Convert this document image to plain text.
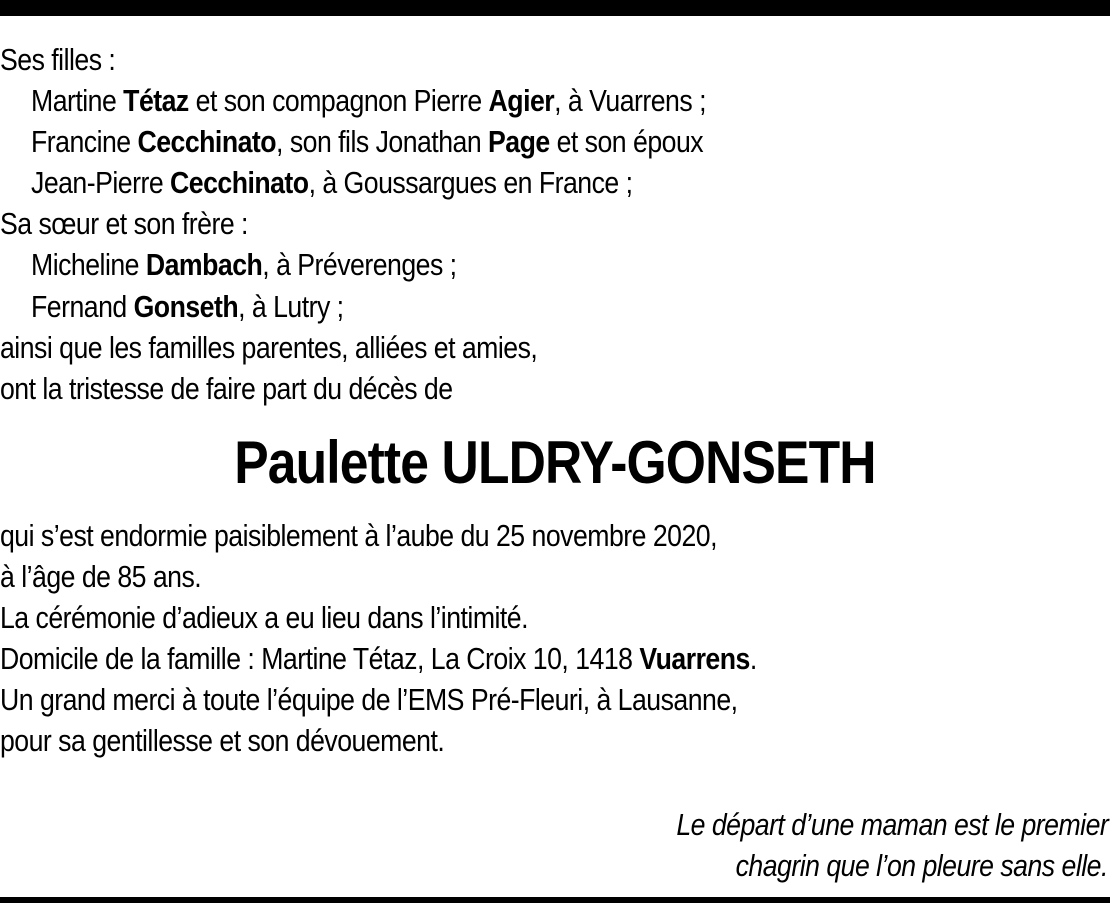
Ses filles :
Martine Tétaz et son compagnon Pierre Agier, à Vuarrens ;
Francine Cecchinato, son fils Jonathan Page et son époux
Jean-Pierre Cecchinato, à Goussargues en France ;
Sa sœur et son frère :
Micheline Dambach, à Préverenges ;
Fernand Gonseth, à Lutry ;
ainsi que les familles parentes, alliées et amies,
ont la tristesse de faire part du décès de
Paulette ULDRY-GONSETH
qui s’est endormie paisiblement à l’aube du 25 novembre 2020,
à l’âge de 85 ans.
La cérémonie d’adieux a eu lieu dans l’intimité.
Domicile de la famille : Martine Tétaz, La Croix 10, 1418 Vuarrens.
Un grand merci à toute l’équipe de l’EMS Pré-Fleuri, à Lausanne,
pour sa gentillesse et son dévouement.
Le départ d’une maman est le premier
chagrin que l’on pleure sans elle.
